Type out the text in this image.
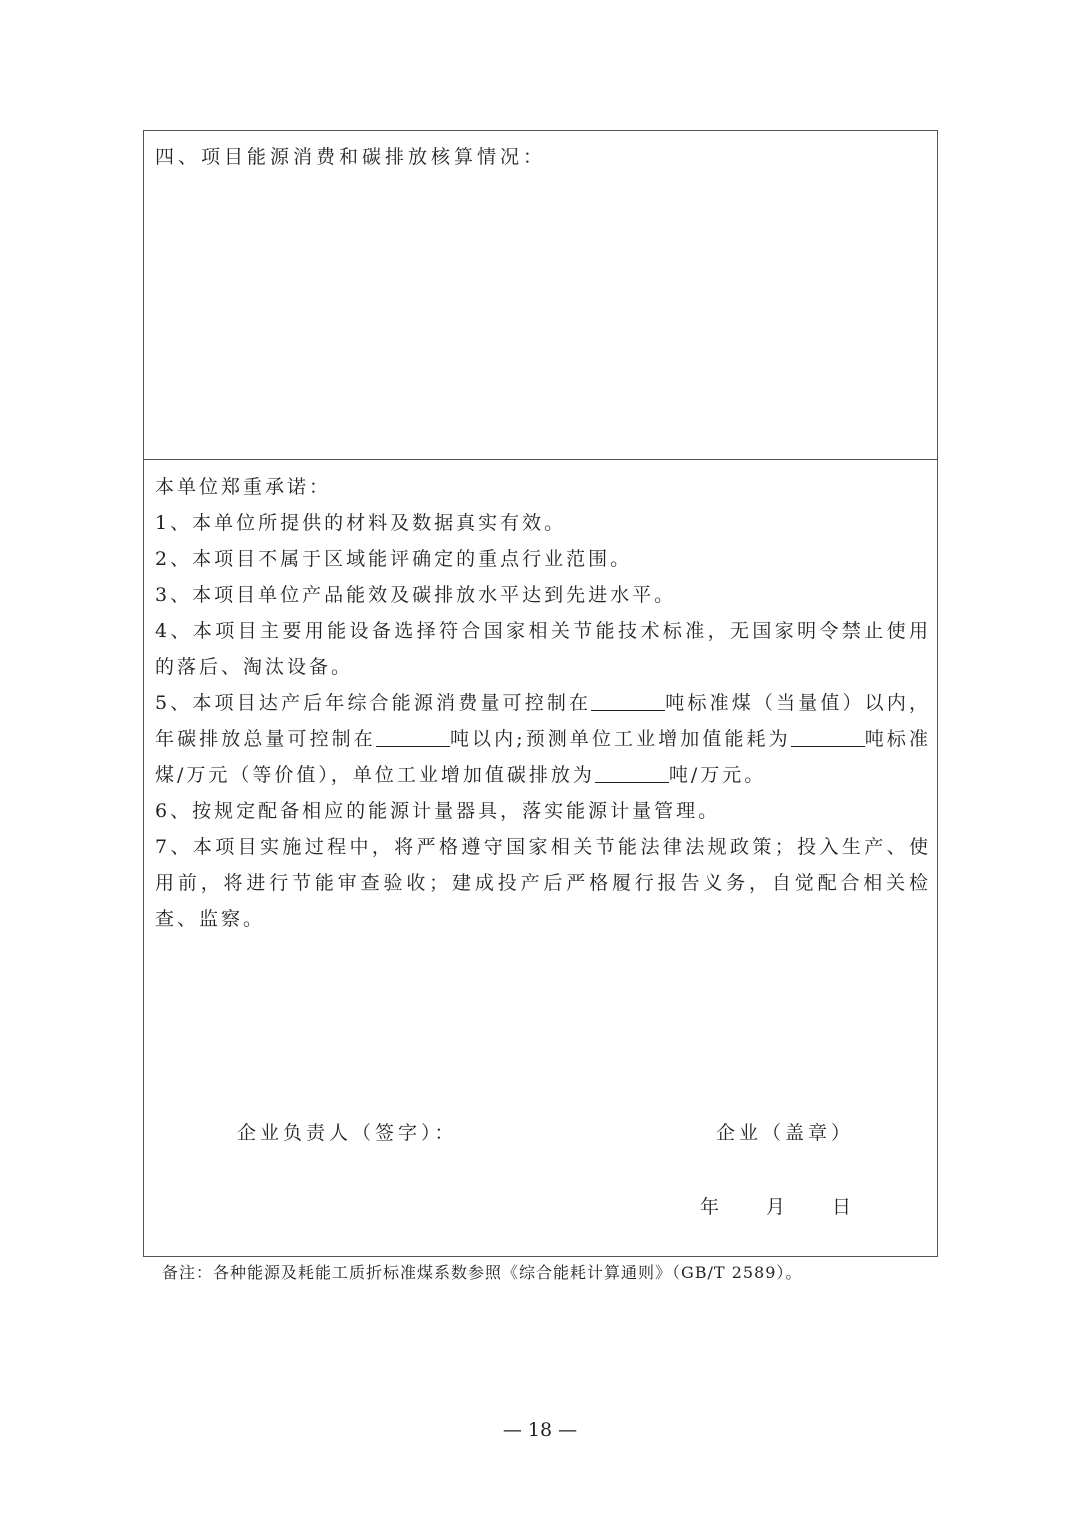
四、项目能源消费和碳排放核算情况：

本单位郑重承诺：

1、本单位所提供的材料及数据真实有效。

2、本项目不属于区域能评确定的重点行业范围。

3、本项目单位产品能效及碳排放水平达到先进水平。

4、本项目主要用能设备选择符合国家相关节能技术标准，无国家明令禁止使用的落后、淘汰设备。

5、本项目达产后年综合能源消费量可控制在	吨标准煤（当量值）以内，年碳排放总量可控制在	吨以内;预测单位工业增加值能耗为	吨标准煤/万元（等价值），单位工业增加值碳排放为	吨/万元。

6、按规定配备相应的能源计量器具，落实能源计量管理。

7、本项目实施过程中，将严格遵守国家相关节能法律法规政策；投入生产、使用前，将进行节能审查验收；建成投产后严格履行报告义务，自觉配合相关检查、监察。

企业负责人（签字）：	企业（盖章）
年 月 日
备注：各种能源及耗能工质折标准煤系数参照《综合能耗计算通则》（GB/T 2589）。
— 18 —
